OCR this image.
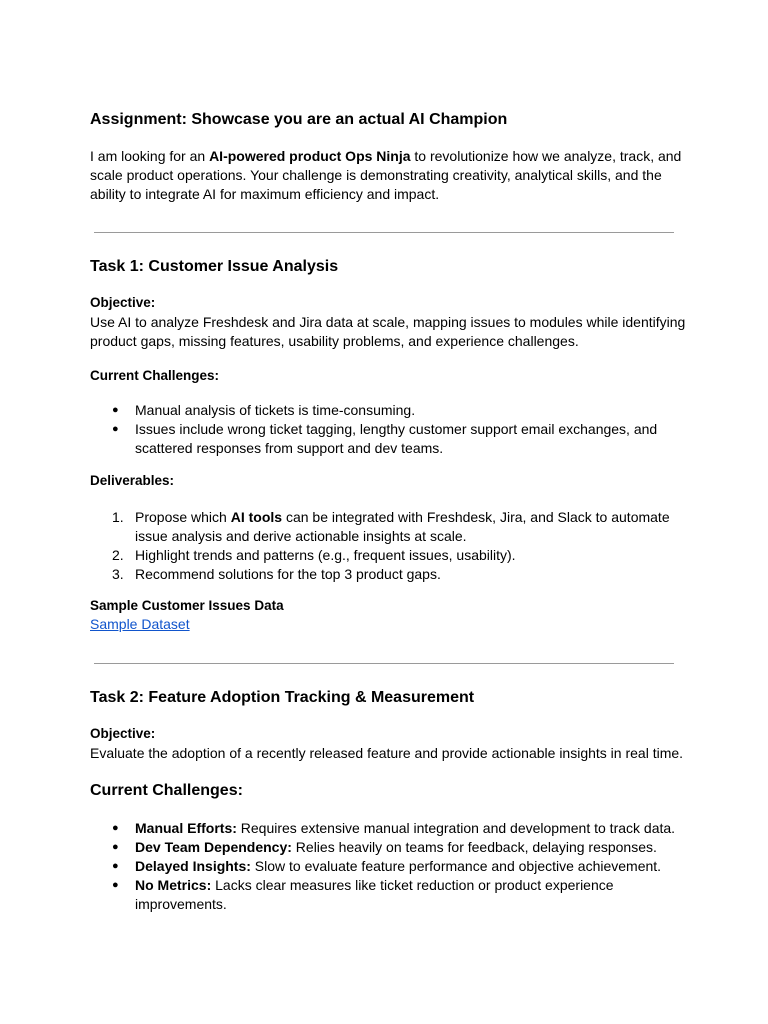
Assignment: Showcase you are an actual AI Champion

I am looking for an AI-powered product Ops Ninja to revolutionize how we analyze, track, and scale product operations. Your challenge is demonstrating creativity, analytical skills, and the ability to integrate AI for maximum efficiency and impact.

Task 1: Customer Issue Analysis

Objective:

Use AI to analyze Freshdesk and Jira data at scale, mapping issues to modules while identifying product gaps, missing features, usability problems, and experience challenges.

Current Challenges:

● Manual analysis of tickets is time-consuming.
● Issues include wrong ticket tagging, lengthy customer support email exchanges, and scattered responses from support and dev teams.

Deliverables:

Propose which AI tools can be integrated with Freshdesk, Jira, and Slack to automate issue analysis and derive actionable insights at scale.
Highlight trends and patterns (e.g., frequent issues, usability).
Recommend solutions for the top 3 product gaps.

Sample Customer Issues Data

Sample Dataset
Task 2: Feature Adoption Tracking & Measurement

Objective:

Evaluate the adoption of a recently released feature and provide actionable insights in real time.

Current Challenges:
● Manual Efforts: Requires extensive manual integration and development to track data.
● Dev Team Dependency: Relies heavily on teams for feedback, delaying responses.
● Delayed Insights: Slow to evaluate feature performance and objective achievement.
● No Metrics: Lacks clear measures like ticket reduction or product experience improvements.
